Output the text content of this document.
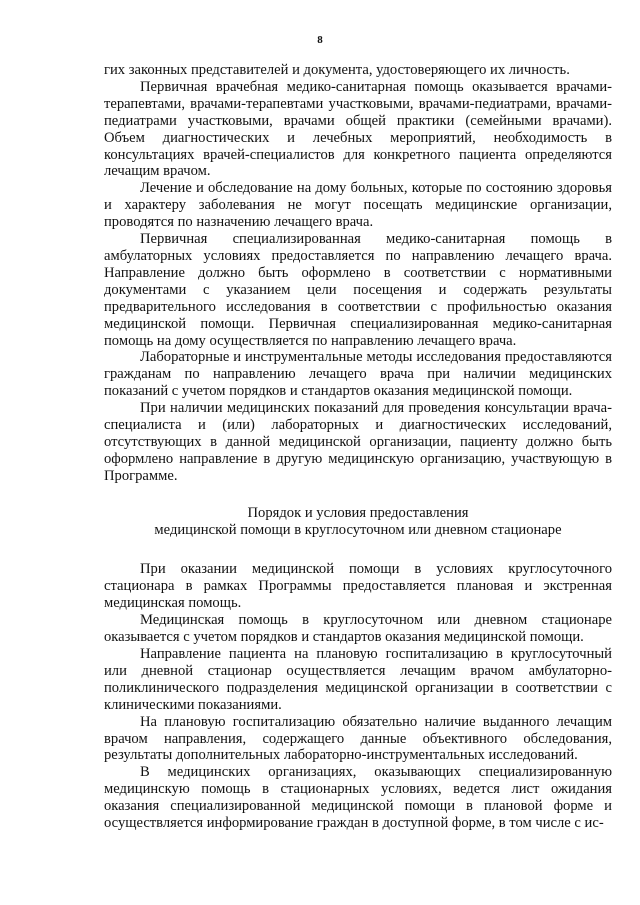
8

гих законных представителей и документа, удостоверяющего их личность.

Первичная врачебная медико-санитарная помощь оказывается врачами-терапевтами, врачами-терапевтами участковыми, врачами-педиатрами, врачами-педиатрами участковыми, врачами общей практики (семейными врачами). Объем диагностических и лечебных мероприятий, необходимость в консультациях врачей-специалистов для конкретного пациента определяются лечащим врачом.

Лечение и обследование на дому больных, которые по состоянию здоровья и характеру заболевания не могут посещать медицинские организации, проводятся по назначению лечащего врача.

Первичная специализированная медико-санитарная помощь в амбулаторных условиях предоставляется по направлению лечащего врача. Направление должно быть оформлено в соответствии с нормативными документами с указанием цели посещения и содержать результаты предварительного исследования в соответствии с профильностью оказания медицинской помощи. Первичная специализированная медико-санитарная помощь на дому осуществляется по направлению лечащего врача.

Лабораторные и инструментальные методы исследования предоставляются гражданам по направлению лечащего врача при наличии медицинских показаний с учетом порядков и стандартов оказания медицинской помощи.

При наличии медицинских показаний для проведения консультации врача-специалиста и (или) лабораторных и диагностических исследований, отсутствующих в данной медицинской организации, пациенту должно быть оформлено направление в другую медицинскую организацию, участвующую в Программе.

Порядок и условия предоставления
медицинской помощи в круглосуточном или дневном стационаре

При оказании медицинской помощи в условиях круглосуточного стационара в рамках Программы предоставляется плановая и экстренная медицинская помощь.

Медицинская помощь в круглосуточном или дневном стационаре оказывается с учетом порядков и стандартов оказания медицинской помощи.

Направление пациента на плановую госпитализацию в круглосуточный или дневной стационар осуществляется лечащим врачом амбулаторно-поликлинического подразделения медицинской организации в соответствии с клиническими показаниями.

На плановую госпитализацию обязательно наличие выданного лечащим врачом направления, содержащего данные объективного обследования, результаты дополнительных лабораторно-инструментальных исследований.

В медицинских организациях, оказывающих специализированную медицинскую помощь в стационарных условиях, ведется лист ожидания оказания специализированной медицинской помощи в плановой форме и осуществляется информирование граждан в доступной форме, в том числе с ис-
